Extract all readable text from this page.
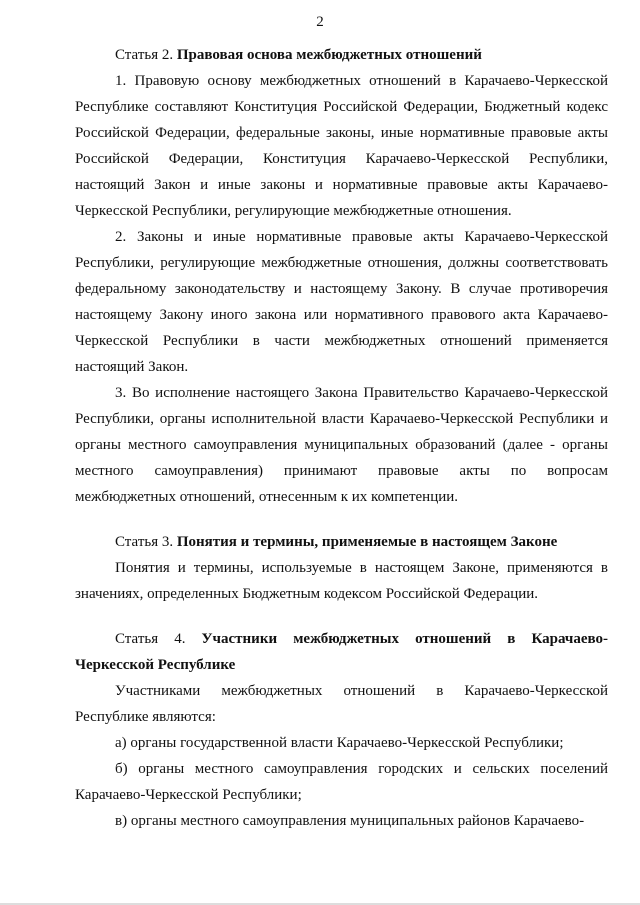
2

Статья 2. Правовая основа межбюджетных отношений

1. Правовую основу межбюджетных отношений в Карачаево-Черкесской Республике составляют Конституция Российской Федерации, Бюджетный кодекс Российской Федерации, федеральные законы, иные нормативные правовые акты Российской Федерации, Конституция Карачаево-Черкесской Республики, настоящий Закон и иные законы и нормативные правовые акты Карачаево-Черкесской Республики, регулирующие межбюджетные отношения.

2. Законы и иные нормативные правовые акты Карачаево-Черкесской Республики, регулирующие межбюджетные отношения, должны соответствовать федеральному законодательству и настоящему Закону. В случае противоречия настоящему Закону иного закона или нормативного правового акта Карачаево-Черкесской Республики в части межбюджетных отношений применяется настоящий Закон.

3. Во исполнение настоящего Закона Правительство Карачаево-Черкесской Республики, органы исполнительной власти Карачаево-Черкесской Республики и органы местного самоуправления муниципальных образований (далее - органы местного самоуправления) принимают правовые акты по вопросам межбюджетных отношений, отнесенным к их компетенции.

Статья 3. Понятия и термины, применяемые в настоящем Законе

Понятия и термины, используемые в настоящем Законе, применяются в значениях, определенных Бюджетным кодексом Российской Федерации.

Статья 4. Участники межбюджетных отношений в Карачаево-Черкесской Республике

Участниками межбюджетных отношений в Карачаево-Черкесской Республике являются:

а) органы государственной власти Карачаево-Черкесской Республики;

б) органы местного самоуправления городских и сельских поселений Карачаево-Черкесской Республики;

в) органы местного самоуправления муниципальных районов Карачаево-
